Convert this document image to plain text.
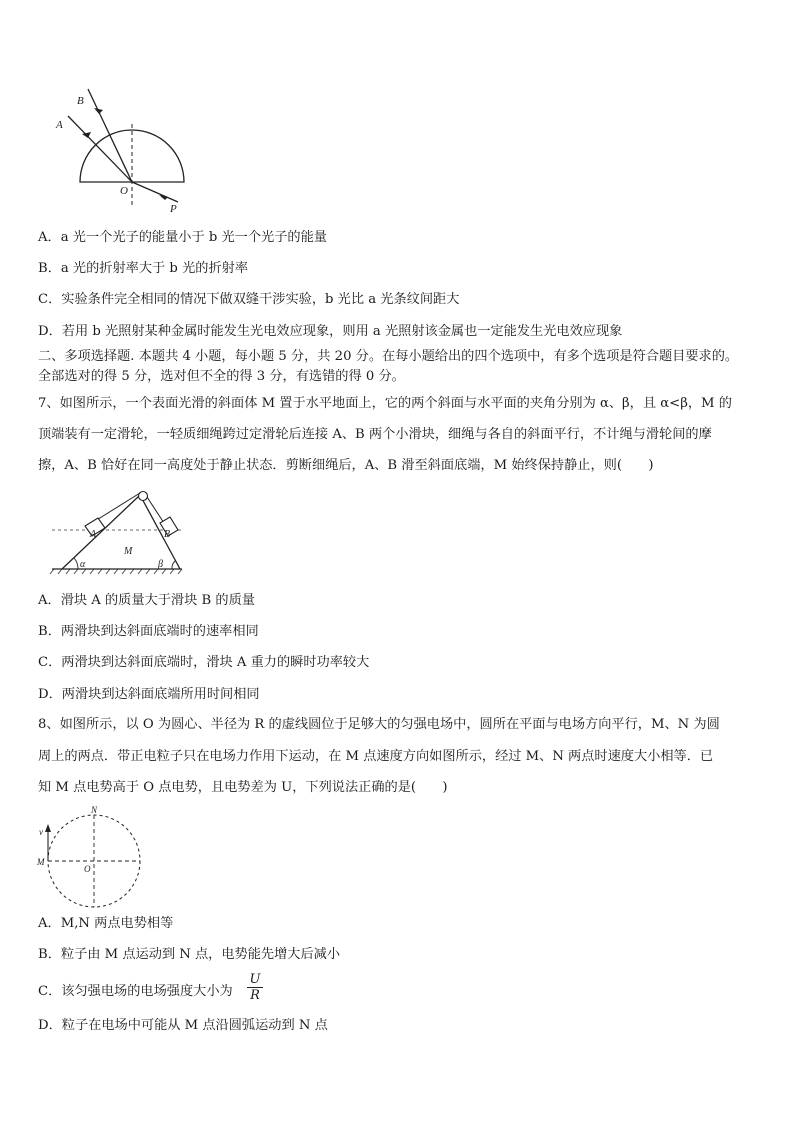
B
A
O
P
A．a 光一个光子的能量小于 b 光一个光子的能量
B．a 光的折射率大于 b 光的折射率
C．实验条件完全相同的情况下做双缝干涉实验，b 光比 a 光条纹间距大
D．若用 b 光照射某种金属时能发生光电效应现象，则用 a 光照射该金属也一定能发生光电效应现象
二、多项选择题. 本题共 4 小题，每小题 5 分，共 20 分。在每小题给出的四个选项中，有多个选项是符合题目要求的。
全部选对的得 5 分，选对但不全的得 3 分，有选错的得 0 分。
7、如图所示，一个表面光滑的斜面体 M 置于水平地面上，它的两个斜面与水平面的夹角分别为 α、β，且 α<β，M 的
顶端装有一定滑轮，一轻质细绳跨过定滑轮后连接 A、B 两个小滑块，细绳与各自的斜面平行，不计绳与滑轮间的摩
擦，A、B 恰好在同一高度处于静止状态．剪断细绳后，A、B 滑至斜面底端，M 始终保持静止，则(　　)
A	B
M
α	β
A．滑块 A 的质量大于滑块 B 的质量
B．两滑块到达斜面底端时的速率相同
C．两滑块到达斜面底端时，滑块 A 重力的瞬时功率较大
D．两滑块到达斜面底端所用时间相同
8、如图所示，以 O 为圆心、半径为 R 的虚线圆位于足够大的匀强电场中，圆所在平面与电场方向平行，M、N 为圆
周上的两点．带正电粒子只在电场力作用下运动，在 M 点速度方向如图所示，经过 M、N 两点时速度大小相等．已
知 M 点电势高于 O 点电势，且电势差为 U，下列说法正确的是(　　)
N
v
M
O
A．M,N 两点电势相等
B．粒子由 M 点运动到 N 点，电势能先增大后减小
C．该匀强电场的电场强度大小为	$\frac{U}{R}$
D．粒子在电场中可能从 M 点沿圆弧运动到 N 点
